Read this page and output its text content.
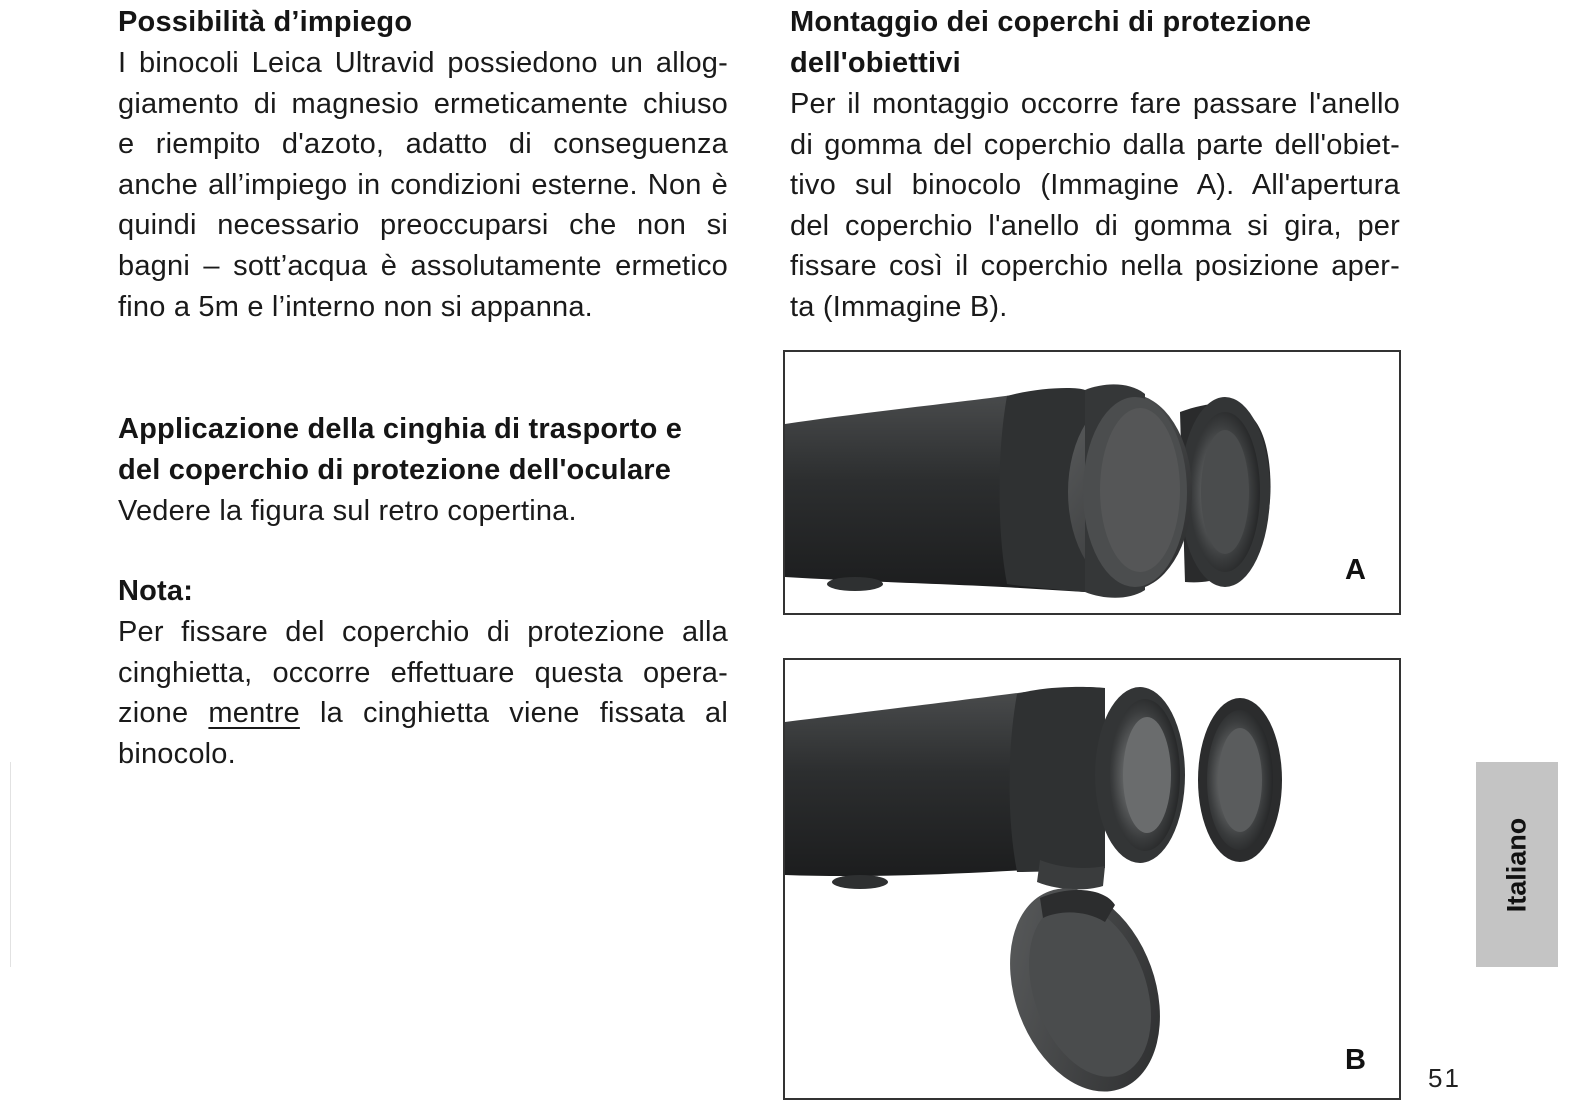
Possibilità d’impiego

I binocoli Leica Ultravid possiedono un allog-
giamento di magnesio ermeticamente chiuso
e riempito d'azoto, adatto di conseguenza
anche all’impiego in condizioni esterne. Non è
quindi necessario preoccuparsi che non si
bagni – sott’acqua è assolutamente ermetico
fino a 5m e l’interno non si appanna.

Applicazione della cinghia di trasporto e
del coperchio di protezione dell'oculare

Vedere la figura sul retro copertina.

Nota:

Per fissare del coperchio di protezione alla
cinghietta, occorre effettuare questa opera-
zione mentre la cinghietta viene fissata al
binocolo.

Montaggio dei coperchi di protezione
dell'obiettivi

Per il montaggio occorre fare passare l'anello
di gomma del coperchio dalla parte dell'obiet-
tivo sul binocolo (Immagine A). All'apertura
del coperchio l'anello di gomma si gira, per
fissare così il coperchio nella posizione aper-
ta (Immagine B).

A
B
Italiano
51
